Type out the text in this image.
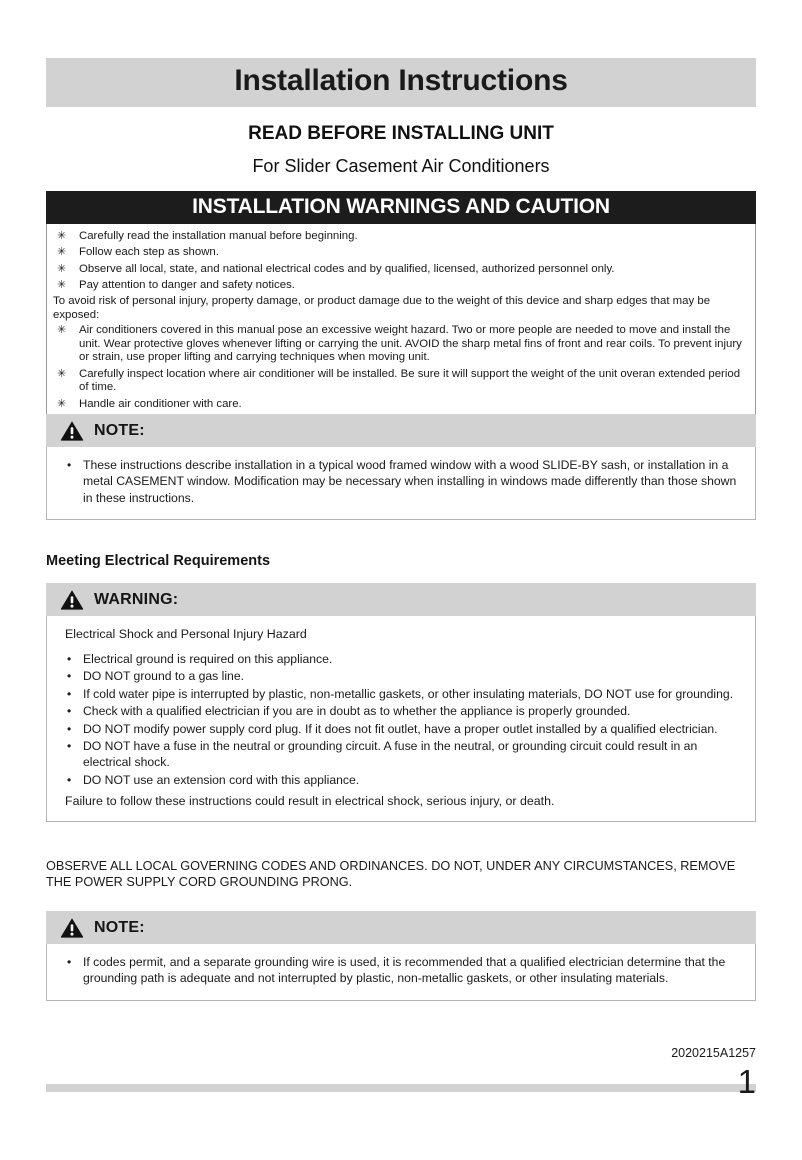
Installation Instructions
READ BEFORE INSTALLING UNIT
For Slider Casement Air Conditioners
INSTALLATION WARNINGS AND CAUTION
✳ Carefully read the installation manual before beginning.
✳ Follow each step as shown.
✳ Observe all local, state, and national electrical codes and by qualified, licensed, authorized personnel only.
✳ Pay attention to danger and safety notices.

To avoid risk of personal injury, property damage, or product damage due to the weight of this device and sharp edges that may be exposed:

✳ Air conditioners covered in this manual pose an excessive weight hazard. Two or more people are needed to move and install the unit. Wear protective gloves whenever lifting or carrying the unit. AVOID the sharp metal fins of front and rear coils. To prevent injury or strain, use proper lifting and carrying techniques when moving unit.
✳ Carefully inspect location where air conditioner will be installed. Be sure it will support the weight of the unit overan extended period of time.
✳ Handle air conditioner with care.
NOTE:
• These instructions describe installation in a typical wood framed window with a wood SLIDE-BY sash, or installation in a metal CASEMENT window. Modification may be necessary when installing in windows made differently than those shown in these instructions.
Meeting Electrical Requirements
WARNING:

Electrical Shock and Personal Injury Hazard

• Electrical ground is required on this appliance.
• DO NOT ground to a gas line.
• If cold water pipe is interrupted by plastic, non-metallic gaskets, or other insulating materials, DO NOT use for grounding.
• Check with a qualified electrician if you are in doubt as to whether the appliance is properly grounded.
• DO NOT modify power supply cord plug. If it does not fit outlet, have a proper outlet installed by a qualified electrician.
• DO NOT have a fuse in the neutral or grounding circuit. A fuse in the neutral, or grounding circuit could result in an electrical shock.
• DO NOT use an extension cord with this appliance.

Failure to follow these instructions could result in electrical shock, serious injury, or death.

OBSERVE ALL LOCAL GOVERNING CODES AND ORDINANCES. DO NOT, UNDER ANY CIRCUMSTANCES, REMOVE THE POWER SUPPLY CORD GROUNDING PRONG.

NOTE:
• If codes permit, and a separate grounding wire is used, it is recommended that a qualified electrician determine that the grounding path is adequate and not interrupted by plastic, non-metallic gaskets, or other insulating materials.
2020215A1257
1
